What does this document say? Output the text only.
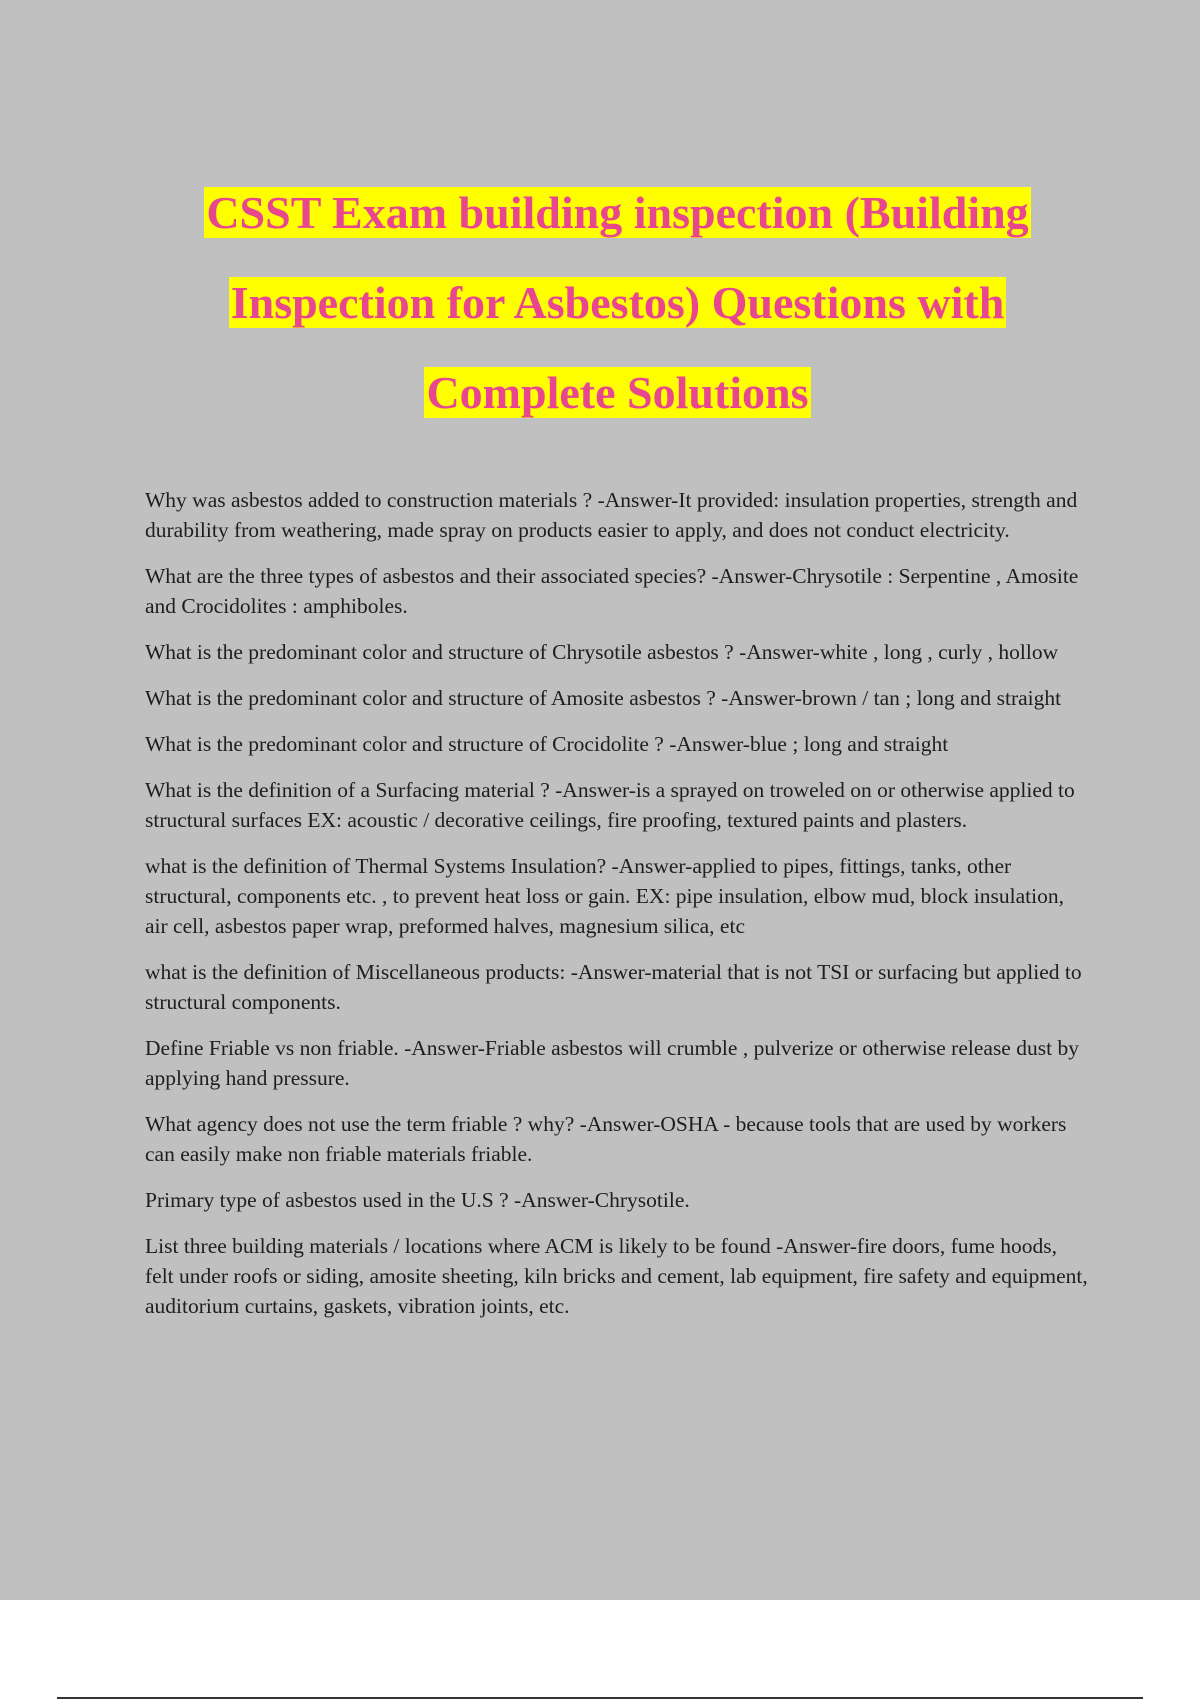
CSST Exam building inspection (Building
Inspection for Asbestos) Questions with
Complete Solutions

Why was asbestos added to construction materials ? -Answer-It provided: insulation properties, strength and durability from weathering, made spray on products easier to apply, and does not conduct electricity.

What are the three types of asbestos and their associated species? -Answer-Chrysotile : Serpentine , Amosite and Crocidolites : amphiboles.

What is the predominant color and structure of Chrysotile asbestos ? -Answer-white , long , curly , hollow

What is the predominant color and structure of Amosite asbestos ? -Answer-brown / tan ; long and straight

What is the predominant color and structure of Crocidolite ? -Answer-blue ; long and straight

What is the definition of a Surfacing material ? -Answer-is a sprayed on troweled on or otherwise applied to structural surfaces EX: acoustic / decorative ceilings, fire proofing, textured paints and plasters.

what is the definition of Thermal Systems Insulation? -Answer-applied to pipes, fittings, tanks, other structural, components etc. , to prevent heat loss or gain. EX: pipe insulation, elbow mud, block insulation, air cell, asbestos paper wrap, preformed halves, magnesium silica, etc

what is the definition of Miscellaneous products: -Answer-material that is not TSI or surfacing but applied to structural components.

Define Friable vs non friable. -Answer-Friable asbestos will crumble , pulverize or otherwise release dust by applying hand pressure.

What agency does not use the term friable ? why? -Answer-OSHA - because tools that are used by workers can easily make non friable materials friable.

Primary type of asbestos used in the U.S ? -Answer-Chrysotile.

List three building materials / locations where ACM is likely to be found -Answer-fire doors, fume hoods, felt under roofs or siding, amosite sheeting, kiln bricks and cement, lab equipment, fire safety and equipment, auditorium curtains, gaskets, vibration joints, etc.
